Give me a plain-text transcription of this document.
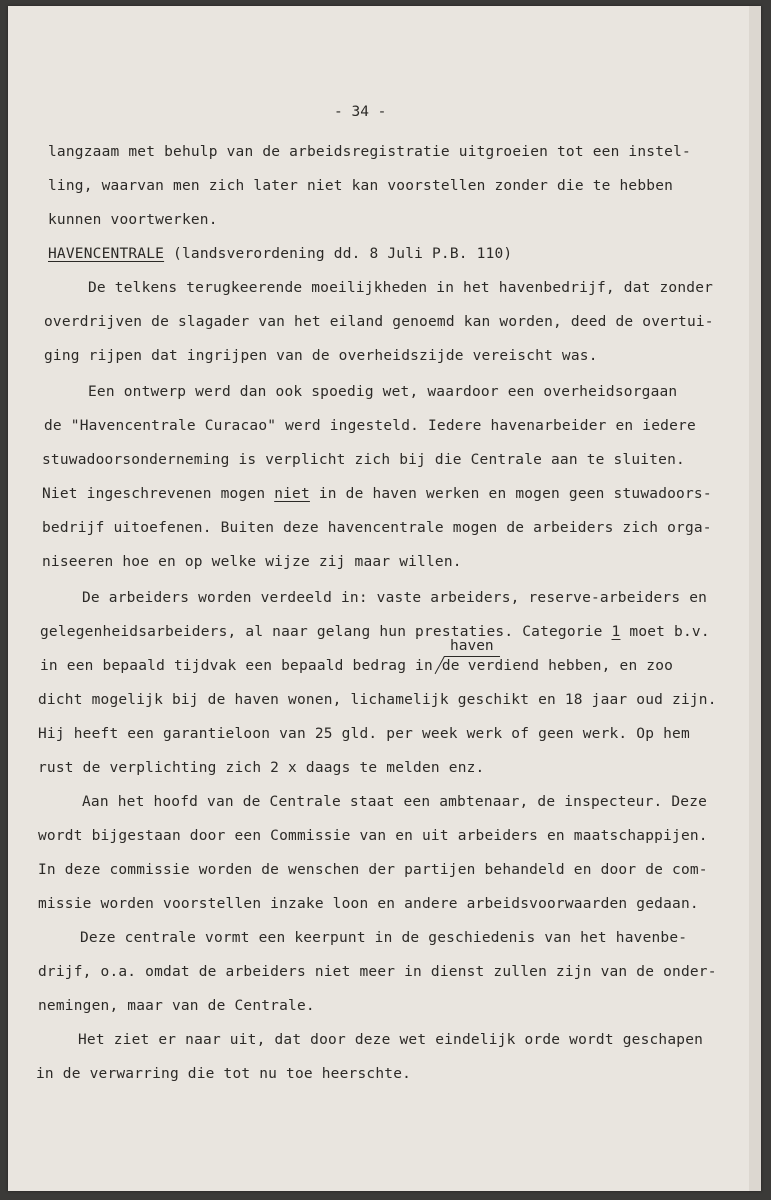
- 34 -
langzaam met behulp van de arbeidsregistratie uitgroeien tot een instel-
ling, waarvan men zich later niet kan voorstellen zonder die te hebben
kunnen voortwerken.
HAVENCENTRALE (landsverordening dd. 8 Juli P.B. 110)
De telkens terugkeerende moeilijkheden in het havenbedrijf, dat zonder
overdrijven de slagader van het eiland genoemd kan worden, deed de overtui-
ging rijpen dat ingrijpen van de overheidszijde vereischt was.
Een ontwerp werd dan ook spoedig wet, waardoor een overheidsorgaan
de "Havencentrale Curacao" werd ingesteld. Iedere havenarbeider en iedere
stuwadoorsonderneming is verplicht zich bij die Centrale aan te sluiten.
Niet ingeschrevenen mogen niet in de haven werken en mogen geen stuwadoors-
bedrijf uitoefenen. Buiten deze havencentrale mogen de arbeiders zich orga-
niseeren hoe en op welke wijze zij maar willen.
De arbeiders worden verdeeld in: vaste arbeiders, reserve-arbeiders en
gelegenheidsarbeiders, al naar gelang hun prestaties. Categorie 1 moet b.v.
haven
in een bepaald tijdvak een bepaald bedrag in de verdiend hebben, en zoo
dicht mogelijk bij de haven wonen, lichamelijk geschikt en 18 jaar oud zijn.
Hij heeft een garantieloon van 25 gld. per week werk of geen werk. Op hem
rust de verplichting zich 2 x daags te melden enz.
Aan het hoofd van de Centrale staat een ambtenaar, de inspecteur. Deze
wordt bijgestaan door een Commissie van en uit arbeiders en maatschappijen.
In deze commissie worden de wenschen der partijen behandeld en door de com-
missie worden voorstellen inzake loon en andere arbeidsvoorwaarden gedaan.
Deze centrale vormt een keerpunt in de geschiedenis van het havenbe-
drijf, o.a. omdat de arbeiders niet meer in dienst zullen zijn van de onder-
nemingen, maar van de Centrale.
Het ziet er naar uit, dat door deze wet eindelijk orde wordt geschapen
in de verwarring die tot nu toe heerschte.
